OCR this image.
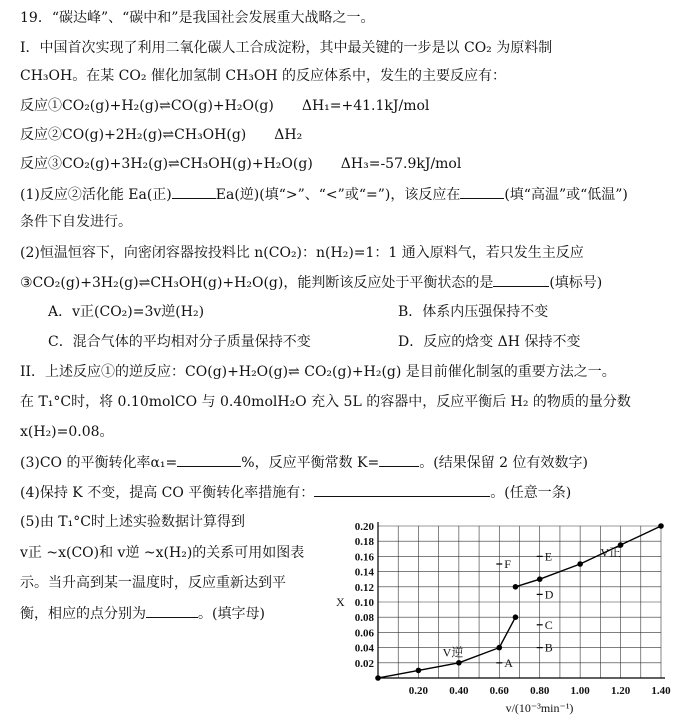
19．“碳达峰”、“碳中和”是我国社会发展重大战略之一。
I．中国首次实现了利用二氧化碳人工合成淀粉，其中最关键的一步是以 CO₂ 为原料制
CH₃OH。在某 CO₂ 催化加氢制 CH₃OH 的反应体系中，发生的主要反应有：
反应①CO₂(g)+H₂(g)⇌CO(g)+H₂O(g)　　ΔH₁=+41.1kJ/mol
反应②CO(g)+2H₂(g)⇌CH₃OH(g)　　ΔH₂
反应③CO₂(g)+3H₂(g)⇌CH₃OH(g)+H₂O(g)　　ΔH₃=-57.9kJ/mol
(1)反应②活化能 Ea(正)	Ea(逆)(填“>”、“<”或“=”)，该反应在	(填“高温”或“低温”)
条件下自发进行。
(2)恒温恒容下，向密闭容器按投料比 n(CO₂)：n(H₂)=1：1 通入原料气，若只发生主反应
③CO₂(g)+3H₂(g)⇌CH₃OH(g)+H₂O(g)，能判断该反应处于平衡状态的是	(填标号)
A．v正(CO₂)=3v逆(H₂)	B．体系内压强保持不变
C．混合气体的平均相对分子质量保持不变	D．反应的焓变 ΔH 保持不变
II．上述反应①的逆反应：CO(g)+H₂O(g)⇌ CO₂(g)+H₂(g) 是目前催化制氢的重要方法之一。
在 T₁°C时，将 0.10molCO 与 0.40molH₂O 充入 5L 的容器中，反应平衡后 H₂ 的物质的量分数
x(H₂)=0.08。
(3)CO 的平衡转化率α₁=	%，反应平衡常数 K=	。(结果保留 2 位有效数字)
(4)保持 K 不变，提高 CO 平衡转化率措施有：	。(任意一条)
(5)由 T₁°C时上述实验数据计算得到
v正 ~x(CO)和 v逆 ~x(H₂)的关系可用如图表
示。当升高到某一温度时，反应重新达到平
衡，相应的点分别为	。(填字母)
0.02
0.04
0.06
0.08
0.10
0.12
0.14
0.16
0.18
0.20
0.20 0.40 0.60 0.80 1.00 1.20 1.40
v/(10⁻³min⁻¹)
X
A
B
C
D
E
F
V正
V逆
